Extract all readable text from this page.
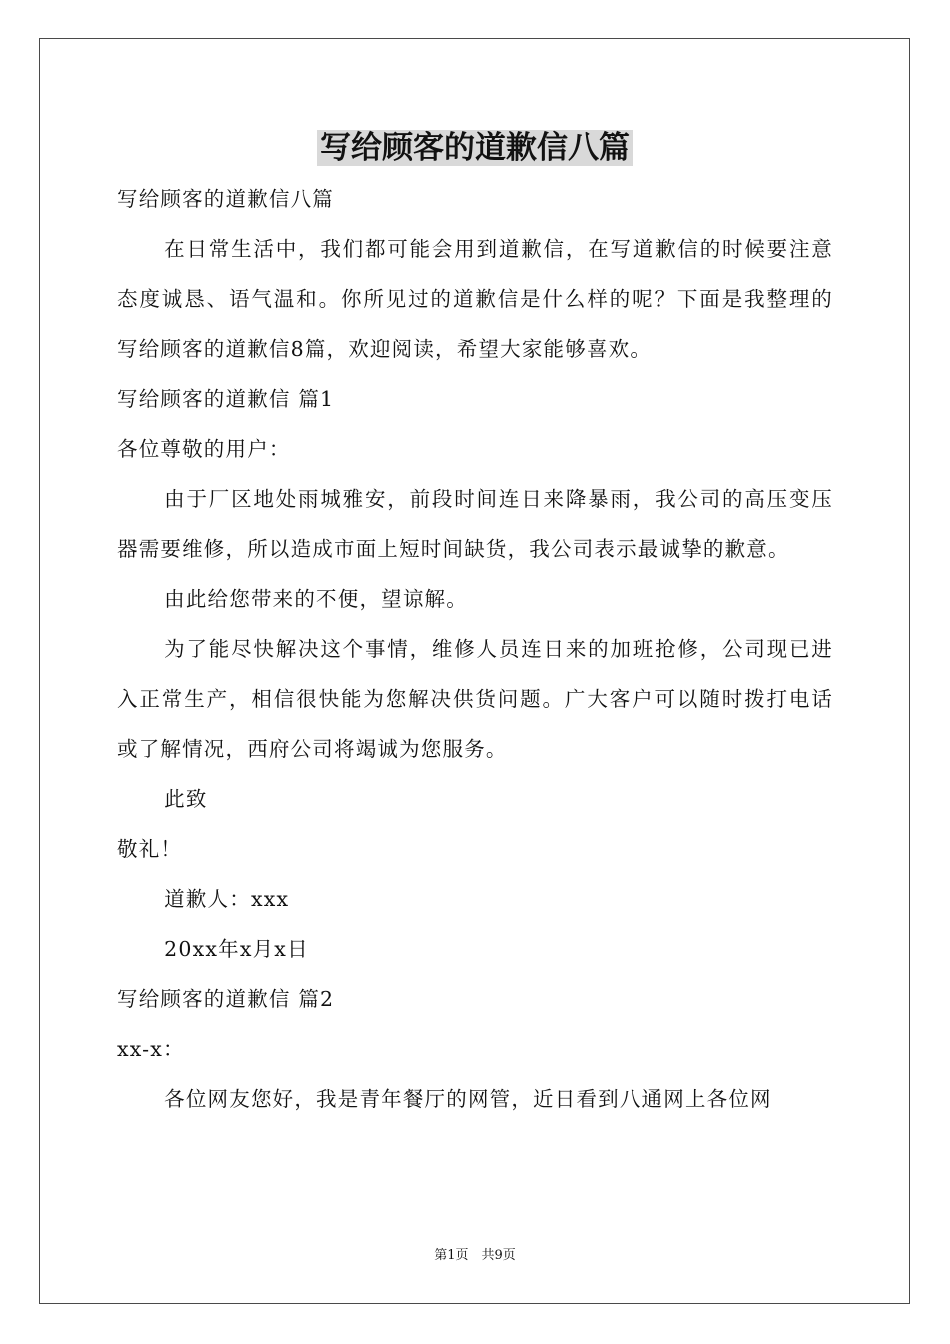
写给顾客的道歉信八篇

写给顾客的道歉信八篇

在日常生活中，我们都可能会用到道歉信，在写道歉信的时候要注意态度诚恳、语气温和。你所见过的道歉信是什么样的呢？下面是我整理的写给顾客的道歉信8篇，欢迎阅读，希望大家能够喜欢。

写给顾客的道歉信 篇1

各位尊敬的用户：

由于厂区地处雨城雅安，前段时间连日来降暴雨，我公司的高压变压器需要维修，所以造成市面上短时间缺货，我公司表示最诚挚的歉意。

由此给您带来的不便，望谅解。

为了能尽快解决这个事情，维修人员连日来的加班抢修，公司现已进入正常生产，相信很快能为您解决供货问题。广大客户可以随时拨打电话或了解情况，西府公司将竭诚为您服务。

此致

敬礼！

道歉人：xxx

20xx年x月x日

写给顾客的道歉信 篇2

xx-x：

各位网友您好，我是青年餐厅的网管，近日看到八通网上各位网

第1页　共9页
